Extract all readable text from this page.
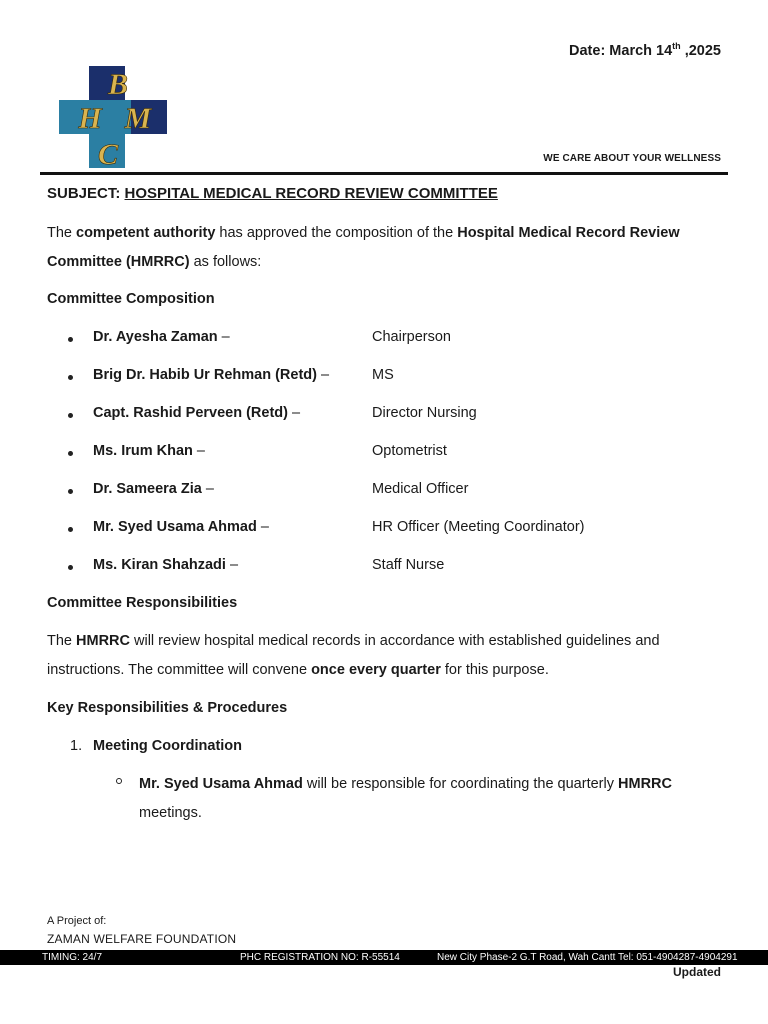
Date: March 14th ,2025
B
H M
C	WE CARE ABOUT YOUR WELLNESS
SUBJECT: HOSPITAL MEDICAL RECORD REVIEW COMMITTEE
The competent authority has approved the composition of the Hospital Medical Record Review Committee (HMRRC) as follows:
Committee Composition
Dr. Ayesha Zaman –	Chairperson
Brig Dr. Habib Ur Rehman (Retd) –	MS
Capt. Rashid Perveen (Retd) –	Director Nursing
Ms. Irum Khan –	Optometrist
Dr. Sameera Zia –	Medical Officer
Mr. Syed Usama Ahmad –	HR Officer (Meeting Coordinator)
Ms. Kiran Shahzadi –	Staff Nurse
Committee Responsibilities
The HMRRC will review hospital medical records in accordance with established guidelines and instructions. The committee will convene once every quarter for this purpose.
Key Responsibilities & Procedures
1. Meeting Coordination
Mr. Syed Usama Ahmad will be responsible for coordinating the quarterly HMRRC meetings.
A Project of:
ZAMAN WELFARE FOUNDATION
TIMING: 24/7	PHC REGISTRATION NO: R-55514	New City Phase-2 G.T Road, Wah Cantt Tel: 051-4904287-4904291
Updated
